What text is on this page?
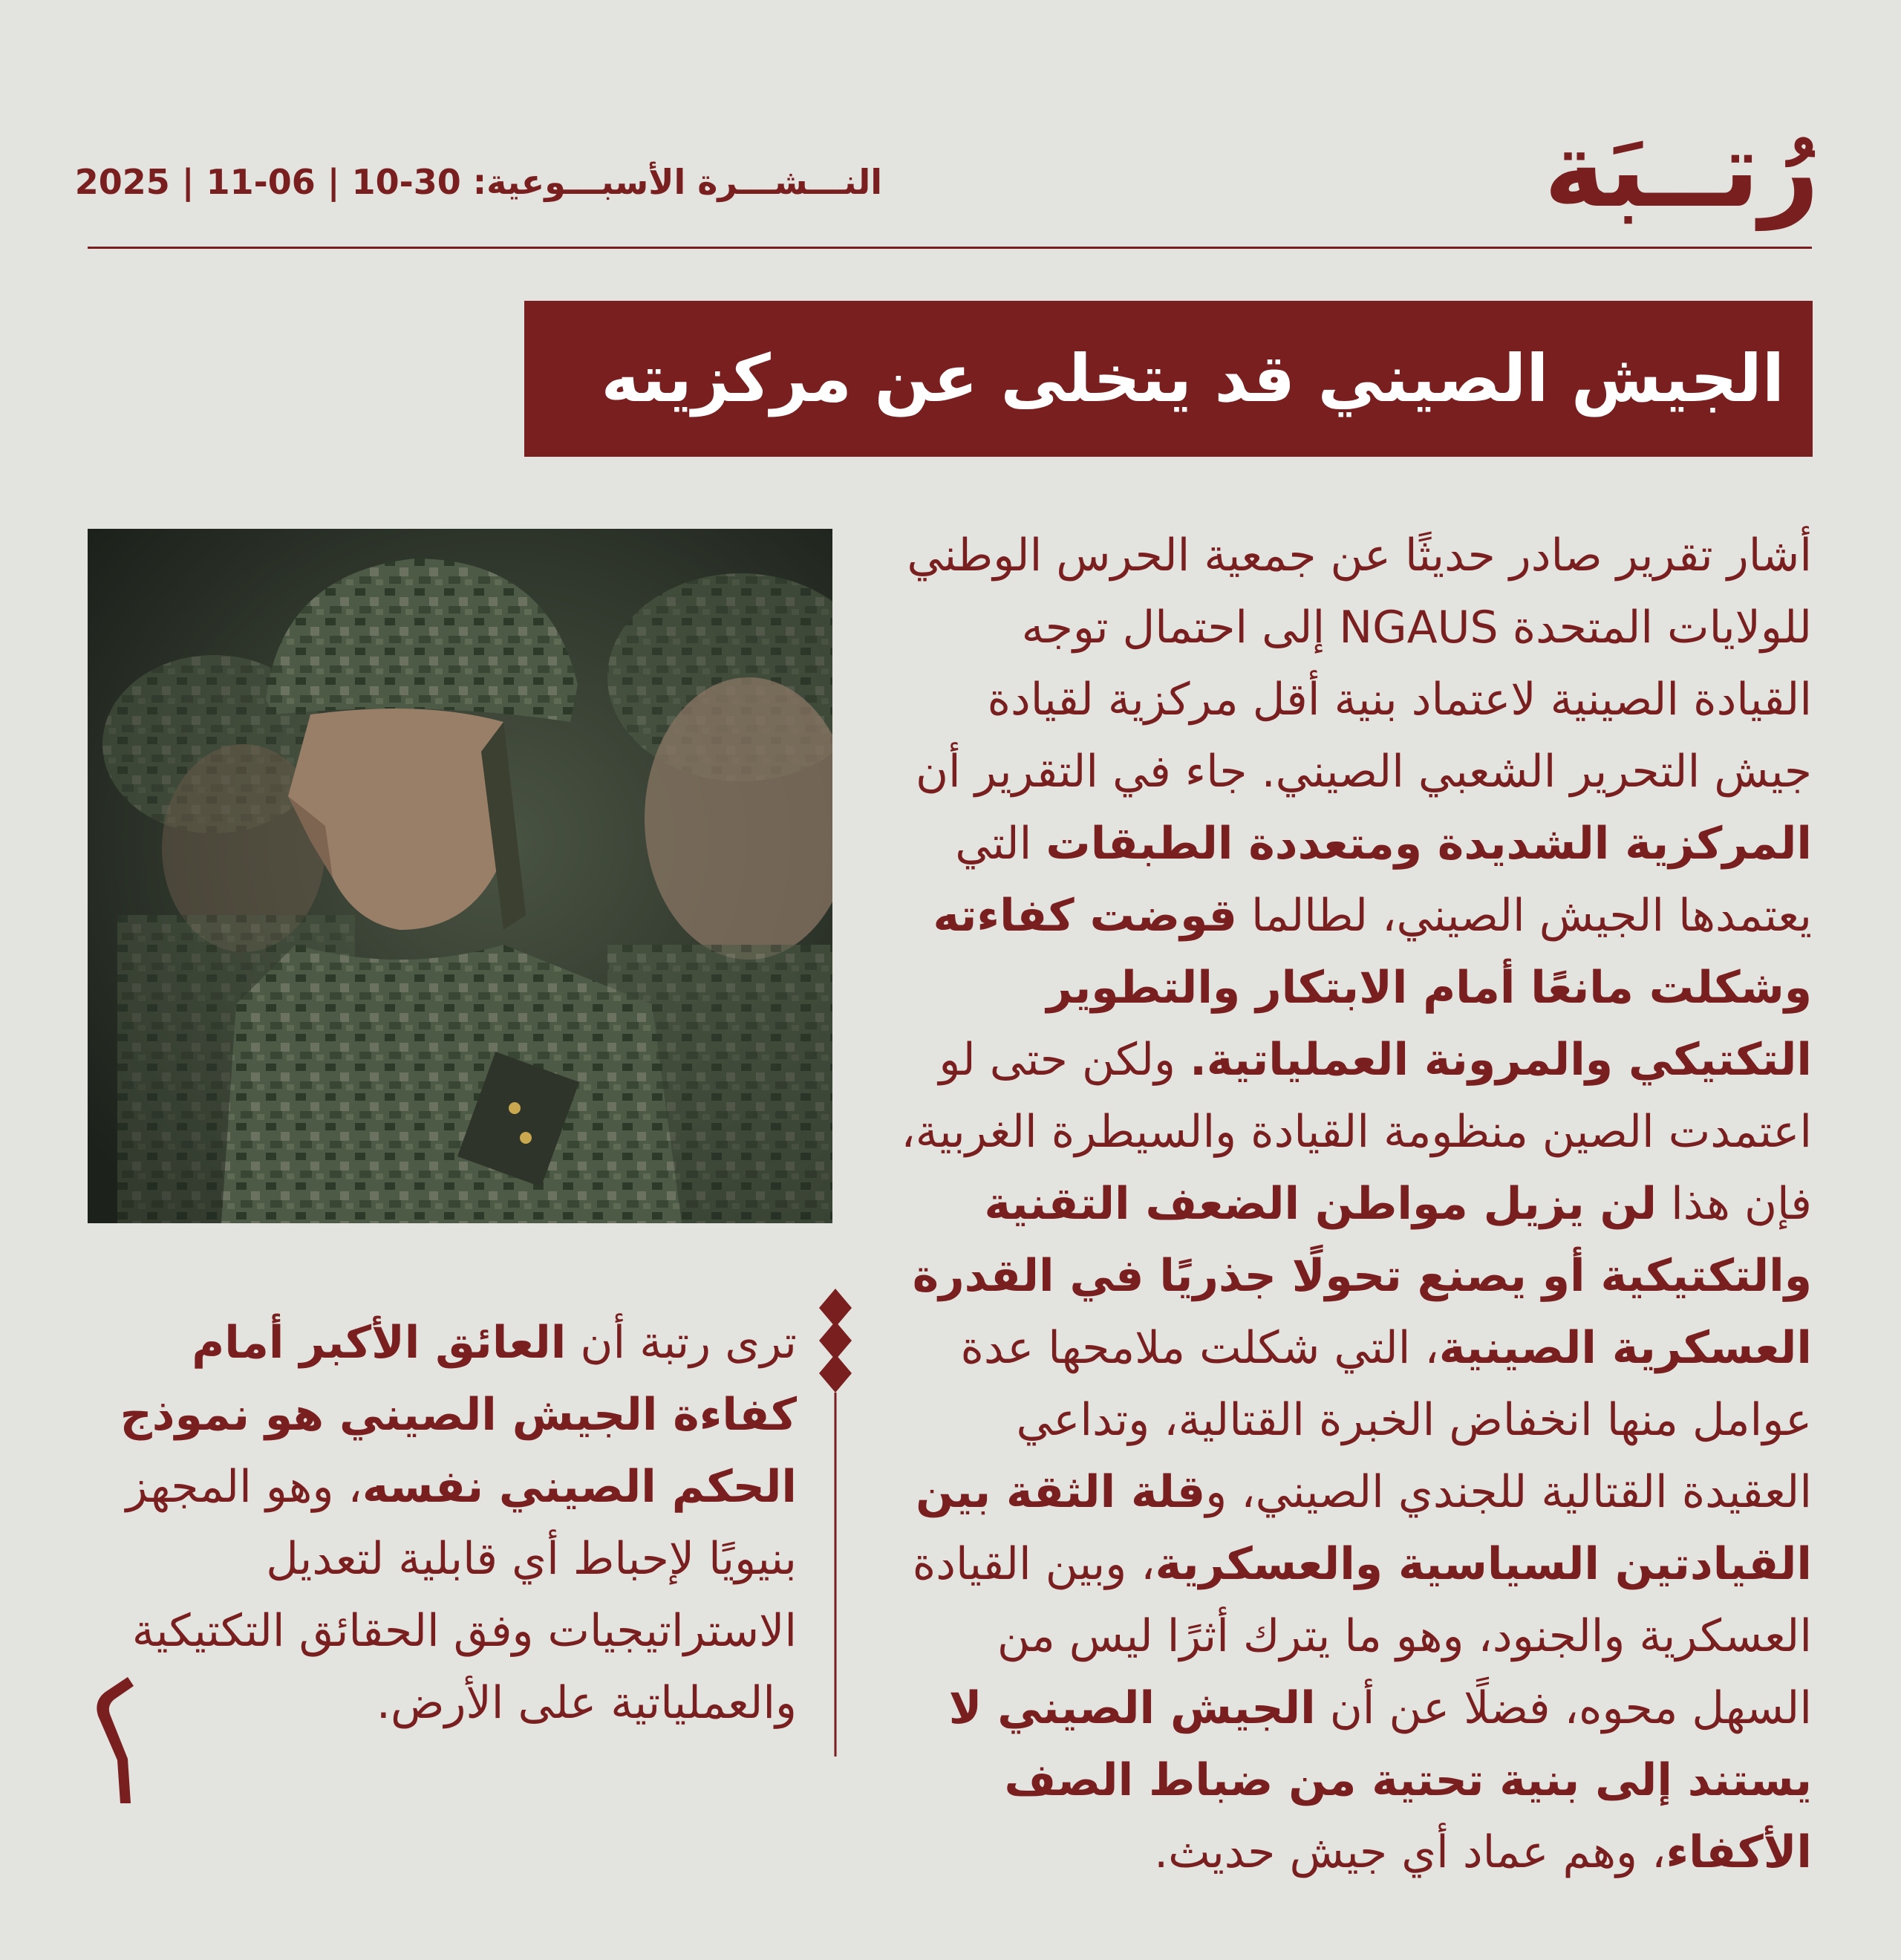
رُتــبَة
النـــشـــرة الأسبـــوعية: 30-10 | 06-11 | 2025
الجيش الصيني قد يتخلى عن مركزيته
أشار تقرير صادر حديثًا عن جمعية الحرس الوطني للولايات المتحدة NGAUS إلى احتمال توجه القيادة الصينية لاعتماد بنية أقل مركزية لقيادة جيش التحرير الشعبي الصيني. جاء في التقرير أن المركزية الشديدة ومتعددة الطبقات التي يعتمدها الجيش الصيني، لطالما قوضت كفاءته وشكلت مانعًا أمام الابتكار والتطوير التكتيكي والمرونة العملياتية. ولكن حتى لو اعتمدت الصين منظومة القيادة والسيطرة الغربية، فإن هذا لن يزيل مواطن الضعف التقنية والتكتيكية أو يصنع تحولًا جذريًا في القدرة العسكرية الصينية، التي شكلت ملامحها عدة عوامل منها انخفاض الخبرة القتالية، وتداعي العقيدة القتالية للجندي الصيني، وقلة الثقة بين القيادتين السياسية والعسكرية، وبين القيادة العسكرية والجنود، وهو ما يترك أثرًا ليس من السهل محوه، فضلًا عن أن الجيش الصيني لا يستند إلى بنية تحتية من ضباط الصف الأكفاء، وهم عماد أي جيش حديث.
ترى رتبة أن العائق الأكبر أمام كفاءة الجيش الصيني هو نموذج الحكم الصيني نفسه، وهو المجهز بنيويًا لإحباط أي قابلية لتعديل الاستراتيجيات وفق الحقائق التكتيكية والعملياتية على الأرض.
